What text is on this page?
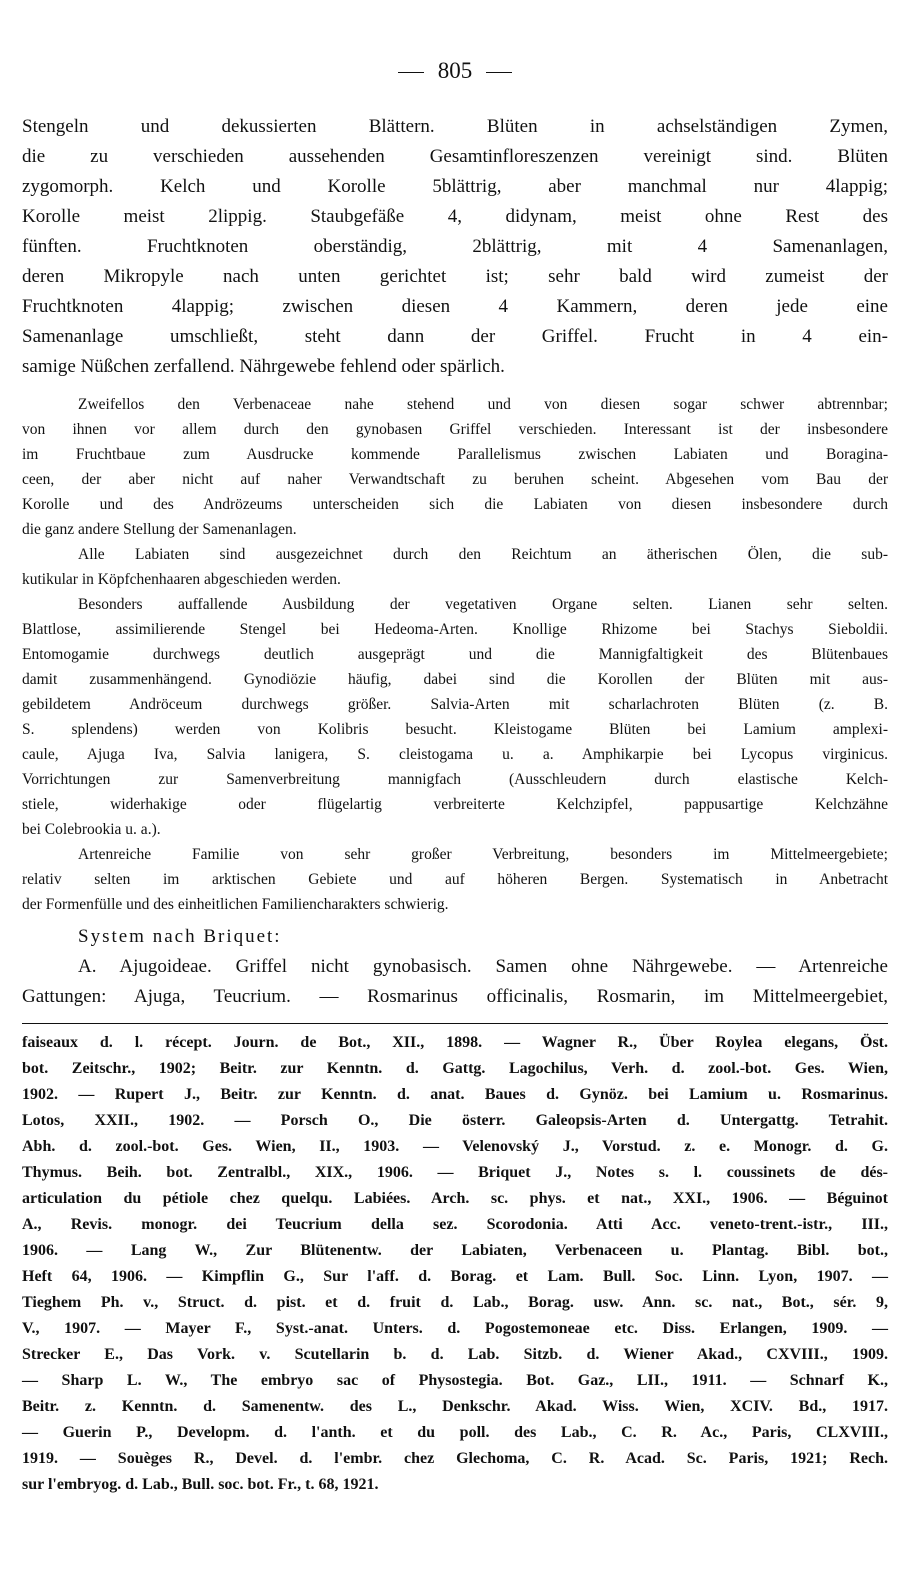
805
Stengeln und dekussierten Blättern. Blüten in achselständigen Zymen,
die zu verschieden aussehenden Gesamtinfloreszenzen vereinigt sind. Blüten
zygomorph. Kelch und Korolle 5blättrig, aber manchmal nur 4lappig;
Korolle meist 2lippig. Staubgefäße 4, didynam, meist ohne Rest des
fünften. Fruchtknoten oberständig, 2blättrig, mit 4 Samenanlagen,
deren Mikropyle nach unten gerichtet ist; sehr bald wird zumeist der
Fruchtknoten 4lappig; zwischen diesen 4 Kammern, deren jede eine
Samenanlage umschließt, steht dann der Griffel. Frucht in 4 ein-
samige Nüßchen zerfallend. Nährgewebe fehlend oder spärlich.
Zweifellos den Verbenaceae nahe stehend und von diesen sogar schwer abtrennbar;
von ihnen vor allem durch den gynobasen Griffel verschieden. Interessant ist der insbesondere
im Fruchtbaue zum Ausdrucke kommende Parallelismus zwischen Labiaten und Boragina-
ceen, der aber nicht auf naher Verwandtschaft zu beruhen scheint. Abgesehen vom Bau der
Korolle und des Andrözeums unterscheiden sich die Labiaten von diesen insbesondere durch
die ganz andere Stellung der Samenanlagen.
Alle Labiaten sind ausgezeichnet durch den Reichtum an ätherischen Ölen, die sub-
kutikular in Köpfchenhaaren abgeschieden werden.
Besonders auffallende Ausbildung der vegetativen Organe selten. Lianen sehr selten.
Blattlose, assimilierende Stengel bei Hedeoma-Arten. Knollige Rhizome bei Stachys Sieboldii.
Entomogamie durchwegs deutlich ausgeprägt und die Mannigfaltigkeit des Blütenbaues
damit zusammenhängend. Gynodiözie häufig, dabei sind die Korollen der Blüten mit aus-
gebildetem Andröceum durchwegs größer. Salvia-Arten mit scharlachroten Blüten (z. B.
S. splendens) werden von Kolibris besucht. Kleistogame Blüten bei Lamium amplexi-
caule, Ajuga Iva, Salvia lanigera, S. cleistogama u. a. Amphikarpie bei Lycopus virginicus.
Vorrichtungen zur Samenverbreitung mannigfach (Ausschleudern durch elastische Kelch-
stiele, widerhakige oder flügelartig verbreiterte Kelchzipfel, pappusartige Kelchzähne
bei Colebrookia u. a.).
Artenreiche Familie von sehr großer Verbreitung, besonders im Mittelmeergebiete;
relativ selten im arktischen Gebiete und auf höheren Bergen. Systematisch in Anbetracht
der Formenfülle und des einheitlichen Familiencharakters schwierig.
System nach Briquet:
A. Ajugoideae. Griffel nicht gynobasisch. Samen ohne Nährgewebe. — Artenreiche
Gattungen: Ajuga, Teucrium. — Rosmarinus officinalis, Rosmarin, im Mittelmeergebiet,
faiseaux d. l. récept. Journ. de Bot., XII., 1898. — Wagner R., Über Roylea elegans, Öst.
bot. Zeitschr., 1902; Beitr. zur Kenntn. d. Gattg. Lagochilus, Verh. d. zool.-bot. Ges. Wien,
1902. — Rupert J., Beitr. zur Kenntn. d. anat. Baues d. Gynöz. bei Lamium u. Rosmarinus.
Lotos, XXII., 1902. — Porsch O., Die österr. Galeopsis-Arten d. Untergattg. Tetrahit.
Abh. d. zool.-bot. Ges. Wien, II., 1903. — Velenovský J., Vorstud. z. e. Monogr. d. G.
Thymus. Beih. bot. Zentralbl., XIX., 1906. — Briquet J., Notes s. l. coussinets de dés-
articulation du pétiole chez quelqu. Labiées. Arch. sc. phys. et nat., XXI., 1906. — Béguinot
A., Revis. monogr. dei Teucrium della sez. Scorodonia. Atti Acc. veneto-trent.-istr., III.,
1906. — Lang W., Zur Blütenentw. der Labiaten, Verbenaceen u. Plantag. Bibl. bot.,
Heft 64, 1906. — Kimpflin G., Sur l'aff. d. Borag. et Lam. Bull. Soc. Linn. Lyon, 1907. —
Tieghem Ph. v., Struct. d. pist. et d. fruit d. Lab., Borag. usw. Ann. sc. nat., Bot., sér. 9,
V., 1907. — Mayer F., Syst.-anat. Unters. d. Pogostemoneae etc. Diss. Erlangen, 1909. —
Strecker E., Das Vork. v. Scutellarin b. d. Lab. Sitzb. d. Wiener Akad., CXVIII., 1909.
— Sharp L. W., The embryo sac of Physostegia. Bot. Gaz., LII., 1911. — Schnarf K.,
Beitr. z. Kenntn. d. Samenentw. des L., Denkschr. Akad. Wiss. Wien, XCIV. Bd., 1917.
— Guerin P., Developm. d. l'anth. et du poll. des Lab., C. R. Ac., Paris, CLXVIII.,
1919. — Souèges R., Devel. d. l'embr. chez Glechoma, C. R. Acad. Sc. Paris, 1921; Rech.
sur l'embryog. d. Lab., Bull. soc. bot. Fr., t. 68, 1921.
